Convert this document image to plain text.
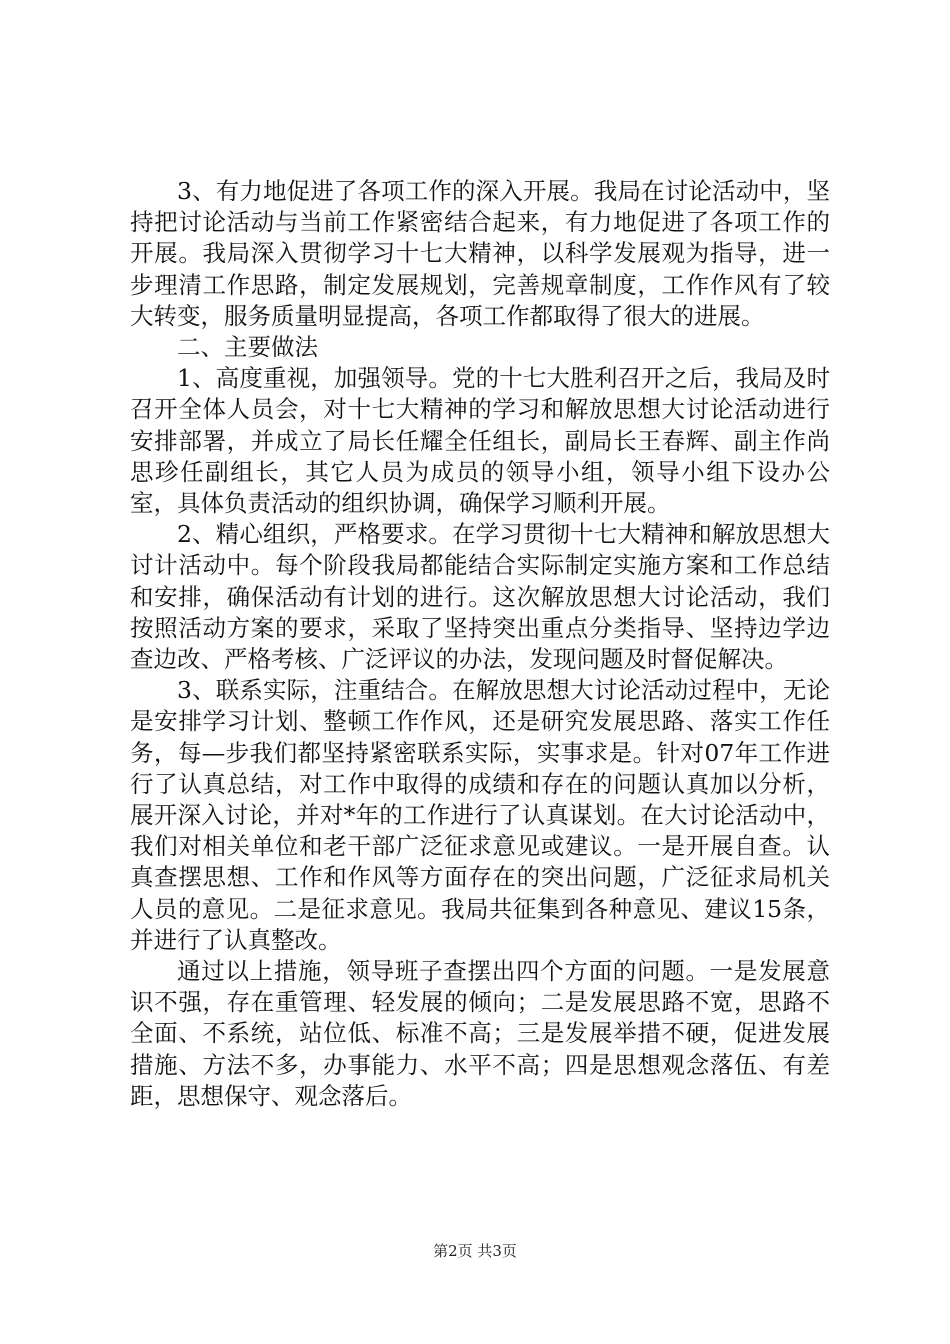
3、有力地促进了各项工作的深入开展。我局在讨论活动中，坚持把讨论活动与当前工作紧密结合起来，有力地促进了各项工作的开展。我局深入贯彻学习十七大精神，以科学发展观为指导，进一步理清工作思路，制定发展规划，完善规章制度，工作作风有了较大转变，服务质量明显提高，各项工作都取得了很大的进展。

二、主要做法

1、高度重视，加强领导。党的十七大胜利召开之后，我局及时召开全体人员会，对十七大精神的学习和解放思想大讨论活动进行安排部署，并成立了局长任耀全任组长，副局长王春辉、副主作尚思珍任副组长，其它人员为成员的领导小组，领导小组下设办公室，具体负责活动的组织协调，确保学习顺利开展。

2、精心组织，严格要求。在学习贯彻十七大精神和解放思想大讨计活动中。每个阶段我局都能结合实际制定实施方案和工作总结和安排，确保活动有计划的进行。这次解放思想大讨论活动，我们按照活动方案的要求，采取了坚持突出重点分类指导、坚持边学边查边改、严格考核、广泛评议的办法，发现问题及时督促解决。

3、联系实际，注重结合。在解放思想大讨论活动过程中，无论是安排学习计划、整顿工作作风，还是研究发展思路、落实工作任务，每—步我们都坚持紧密联系实际，实事求是。针对07年工作进行了认真总结，对工作中取得的成绩和存在的问题认真加以分析，展开深入讨论，并对*年的工作进行了认真谋划。在大讨论活动中，我们对相关单位和老干部广泛征求意见或建议。一是开展自查。认真查摆思想、工作和作风等方面存在的突出问题，广泛征求局机关人员的意见。二是征求意见。我局共征集到各种意见、建议15条，并进行了认真整改。

通过以上措施，领导班子查摆出四个方面的问题。一是发展意识不强，存在重管理、轻发展的倾向；二是发展思路不宽，思路不全面、不系统，站位低、标准不高；三是发展举措不硬，促进发展措施、方法不多，办事能力、水平不高；四是思想观念落伍、有差距，思想保守、观念落后。

第2页 共3页
